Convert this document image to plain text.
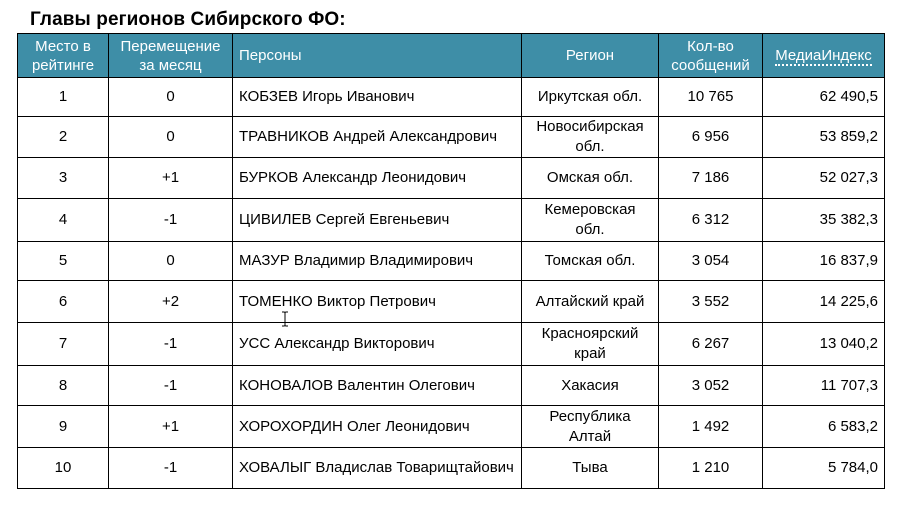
Главы регионов Сибирского ФО:
Место в рейтинге	Перемещение за месяц	Персоны	Регион	Кол-во сообщений	МедиаИндекс
1	0	КОБЗЕВ Игорь Иванович	Иркутская обл.	10 765	62 490,5
2	0	ТРАВНИКОВ Андрей Александрович	Новосибирская обл.	6 956	53 859,2
3	+1	БУРКОВ Александр Леонидович	Омская обл.	7 186	52 027,3
4	-1	ЦИВИЛЕВ Сергей Евгеньевич	Кемеровская обл.	6 312	35 382,3
5	0	МАЗУР Владимир Владимирович	Томская обл.	3 054	16 837,9
6	+2	ТОМЕНКО Виктор Петрович	Алтайский край	3 552	14 225,6
7	-1	УСС Александр Викторович	Красноярский край	6 267	13 040,2
8	-1	КОНОВАЛОВ Валентин Олегович	Хакасия	3 052	11 707,3
9	+1	ХОРОХОРДИН Олег Леонидович	Республика Алтай	1 492	6 583,2
10	-1	ХОВАЛЫГ Владислав Товарищтайович	Тыва	1 210	5 784,0
